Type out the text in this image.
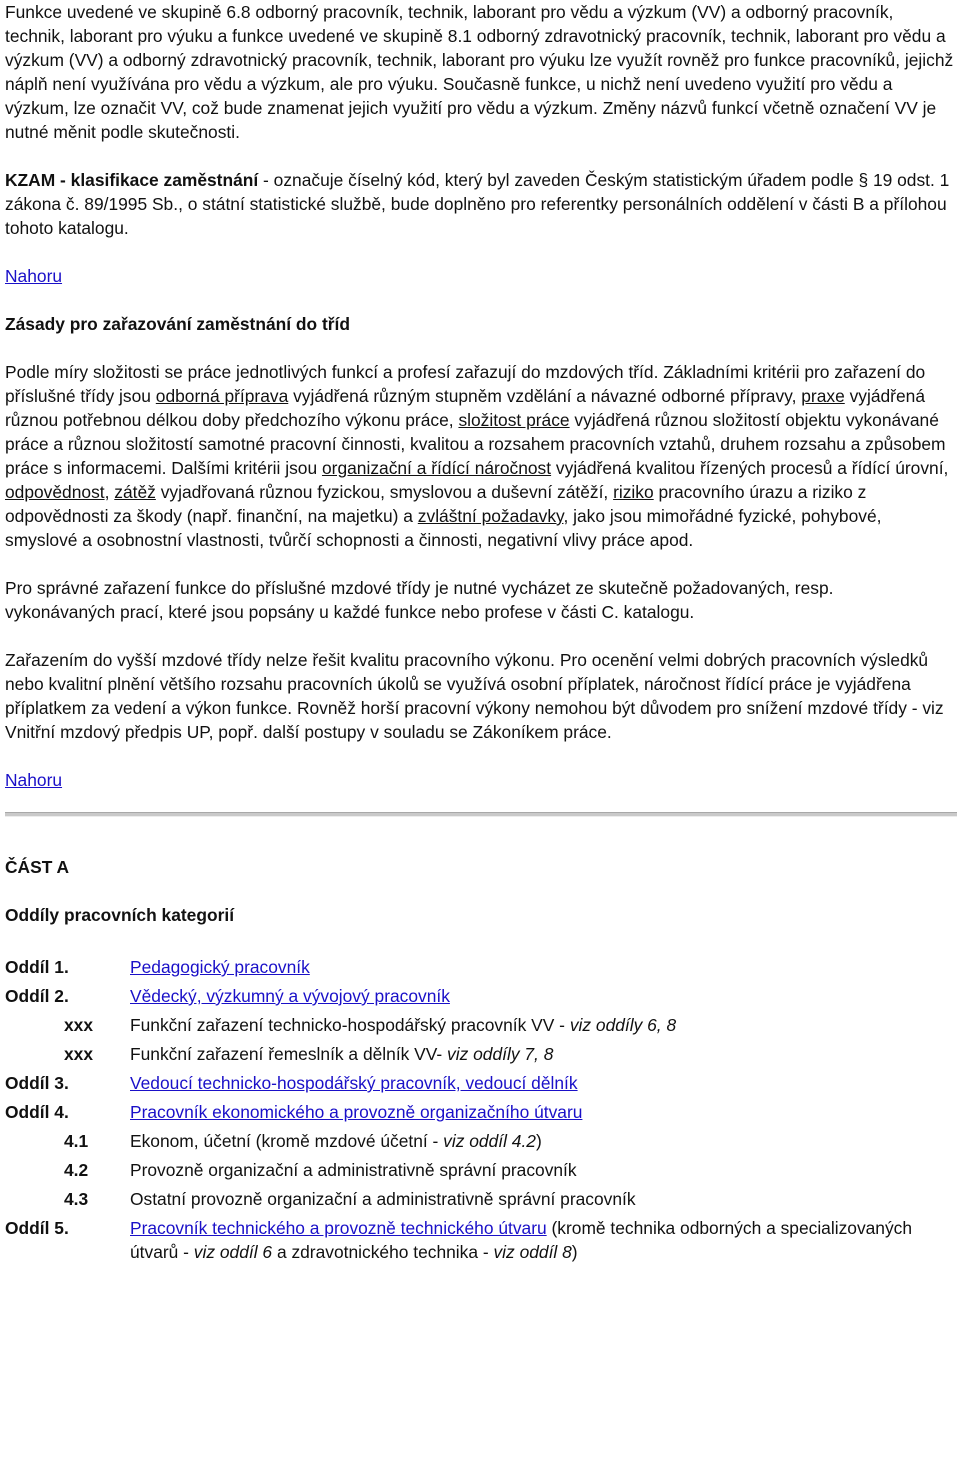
Funkce uvedené ve skupině 6.8 odborný pracovník, technik, laborant pro vědu a výzkum (VV) a odborný pracovník, technik, laborant pro výuku a funkce uvedené ve skupině 8.1 odborný zdravotnický pracovník, technik, laborant pro vědu a výzkum (VV) a odborný zdravotnický pracovník, technik, laborant pro výuku lze využít rovněž pro funkce pracovníků, jejichž náplň není využívána pro vědu a výzkum, ale pro výuku. Současně funkce, u nichž není uvedeno využití pro vědu a výzkum, lze označit VV, což bude znamenat jejich využití pro vědu a výzkum. Změny názvů funkcí včetně označení VV je nutné měnit podle skutečnosti.

KZAM - klasifikace zaměstnání - označuje číselný kód, který byl zaveden Českým statistickým úřadem podle § 19 odst. 1 zákona č. 89/1995 Sb., o státní statistické službě, bude doplněno pro referentky personálních oddělení v části B a přílohou tohoto katalogu.

Nahoru

Zásady pro zařazování zaměstnání do tříd

Podle míry složitosti se práce jednotlivých funkcí a profesí zařazují do mzdových tříd. Základními kritérii pro zařazení do příslušné třídy jsou odborná příprava vyjádřená různým stupněm vzdělání a návazné odborné přípravy, praxe vyjádřená různou potřebnou délkou doby předchozího výkonu práce, složitost práce vyjádřená různou složitostí objektu vykonávané práce a různou složitostí samotné pracovní činnosti, kvalitou a rozsahem pracovních vztahů, druhem rozsahu a způsobem práce s informacemi. Dalšími kritérii jsou organizační a řídící náročnost vyjádřená kvalitou řízených procesů a řídící úrovní, odpovědnost, zátěž vyjadřovaná různou fyzickou, smyslovou a duševní zátěží, riziko pracovního úrazu a riziko z odpovědnosti za škody (např. finanční, na majetku) a zvláštní požadavky, jako jsou mimořádné fyzické, pohybové, smyslové a osobnostní vlastnosti, tvůrčí schopnosti a činnosti, negativní vlivy práce apod.

Pro správné zařazení funkce do příslušné mzdové třídy je nutné vycházet ze skutečně požadovaných, resp.
vykonávaných prací, které jsou popsány u každé funkce nebo profese v části C. katalogu.

Zařazením do vyšší mzdové třídy nelze řešit kvalitu pracovního výkonu. Pro ocenění velmi dobrých pracovních výsledků nebo kvalitní plnění většího rozsahu pracovních úkolů se využívá osobní příplatek, náročnost řídící práce je vyjádřena příplatkem za vedení a výkon funkce. Rovněž horší pracovní výkony nemohou být důvodem pro snížení mzdové třídy - viz Vnitřní mzdový předpis UP, popř. další postupy v souladu se Zákoníkem práce.

Nahoru

ČÁST A

Oddíly pracovních kategorií

Oddíl 1.	Pedagogický pracovník
Oddíl 2.	Vědecký, výzkumný a vývojový pracovník
xxx	Funkční zařazení technicko-hospodářský pracovník VV - viz oddíly 6, 8
xxx	Funkční zařazení řemeslník a dělník VV- viz oddíly 7, 8
Oddíl 3.	Vedoucí technicko-hospodářský pracovník, vedoucí dělník
Oddíl 4.	Pracovník ekonomického a provozně organizačního útvaru
4.1	Ekonom, účetní (kromě mzdové účetní - viz oddíl 4.2)
4.2	Provozně organizační a administrativně správní pracovník
4.3	Ostatní provozně organizační a administrativně správní pracovník
Oddíl 5.	Pracovník technického a provozně technického útvaru (kromě technika odborných a specializovaných útvarů - viz oddíl 6 a zdravotnického technika - viz oddíl 8)
